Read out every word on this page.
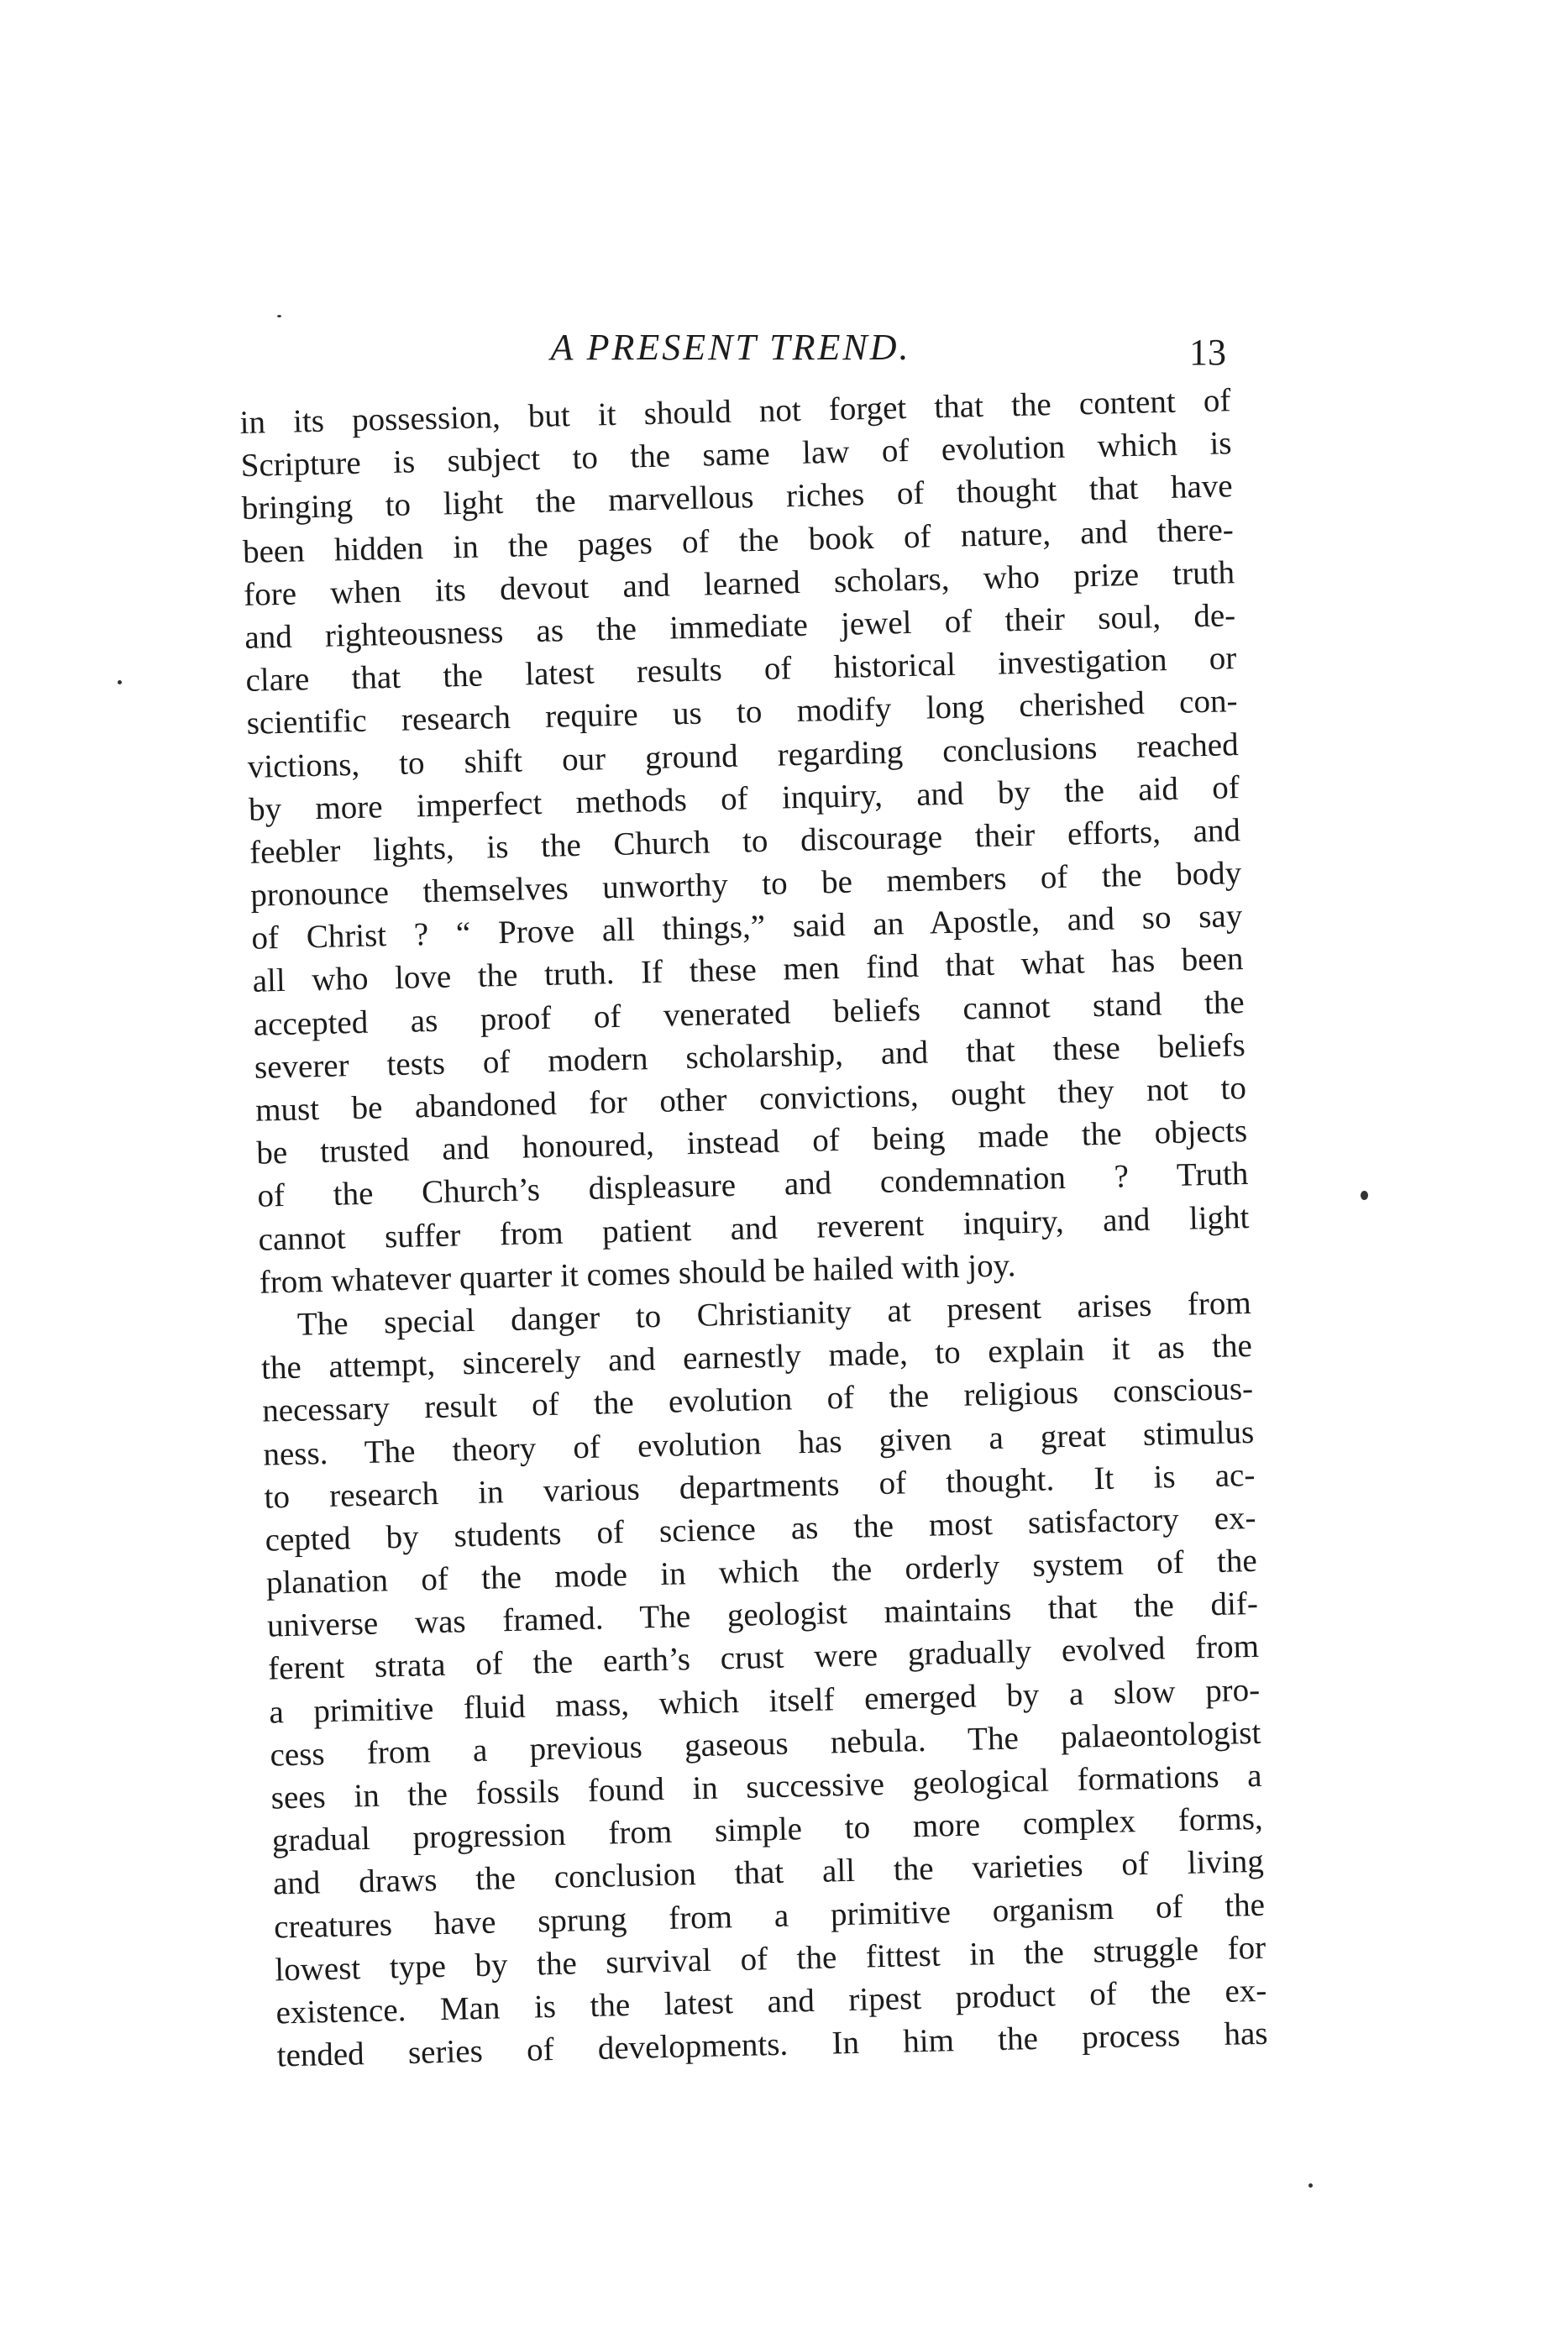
A PRESENT TREND.	13
in its possession, but it should not forget that the content of
Scripture is subject to the same law of evolution which is
bringing to light the marvellous riches of thought that have
been hidden in the pages of the book of nature, and there-
fore when its devout and learned scholars, who prize truth
and righteousness as the immediate jewel of their soul, de-
clare that the latest results of historical investigation or
scientific research require us to modify long cherished con-
victions, to shift our ground regarding conclusions reached
by more imperfect methods of inquiry, and by the aid of
feebler lights, is the Church to discourage their efforts, and
pronounce themselves unworthy to be members of the body
of Christ ? “ Prove all things,” said an Apostle, and so say
all who love the truth. If these men find that what has been
accepted as proof of venerated beliefs cannot stand the
severer tests of modern scholarship, and that these beliefs
must be abandoned for other convictions, ought they not to
be trusted and honoured, instead of being made the objects
of the Church’s displeasure and condemnation ? Truth
cannot suffer from patient and reverent inquiry, and light
from whatever quarter it comes should be hailed with joy.
The special danger to Christianity at present arises from
the attempt, sincerely and earnestly made, to explain it as the
necessary result of the evolution of the religious conscious-
ness. The theory of evolution has given a great stimulus
to research in various departments of thought. It is ac-
cepted by students of science as the most satisfactory ex-
planation of the mode in which the orderly system of the
universe was framed. The geologist maintains that the dif-
ferent strata of the earth’s crust were gradually evolved from
a primitive fluid mass, which itself emerged by a slow pro-
cess from a previous gaseous nebula. The palaeontologist
sees in the fossils found in successive geological formations a
gradual progression from simple to more complex forms,
and draws the conclusion that all the varieties of living
creatures have sprung from a primitive organism of the
lowest type by the survival of the fittest in the struggle for
existence. Man is the latest and ripest product of the ex-
tended series of developments. In him the process has
